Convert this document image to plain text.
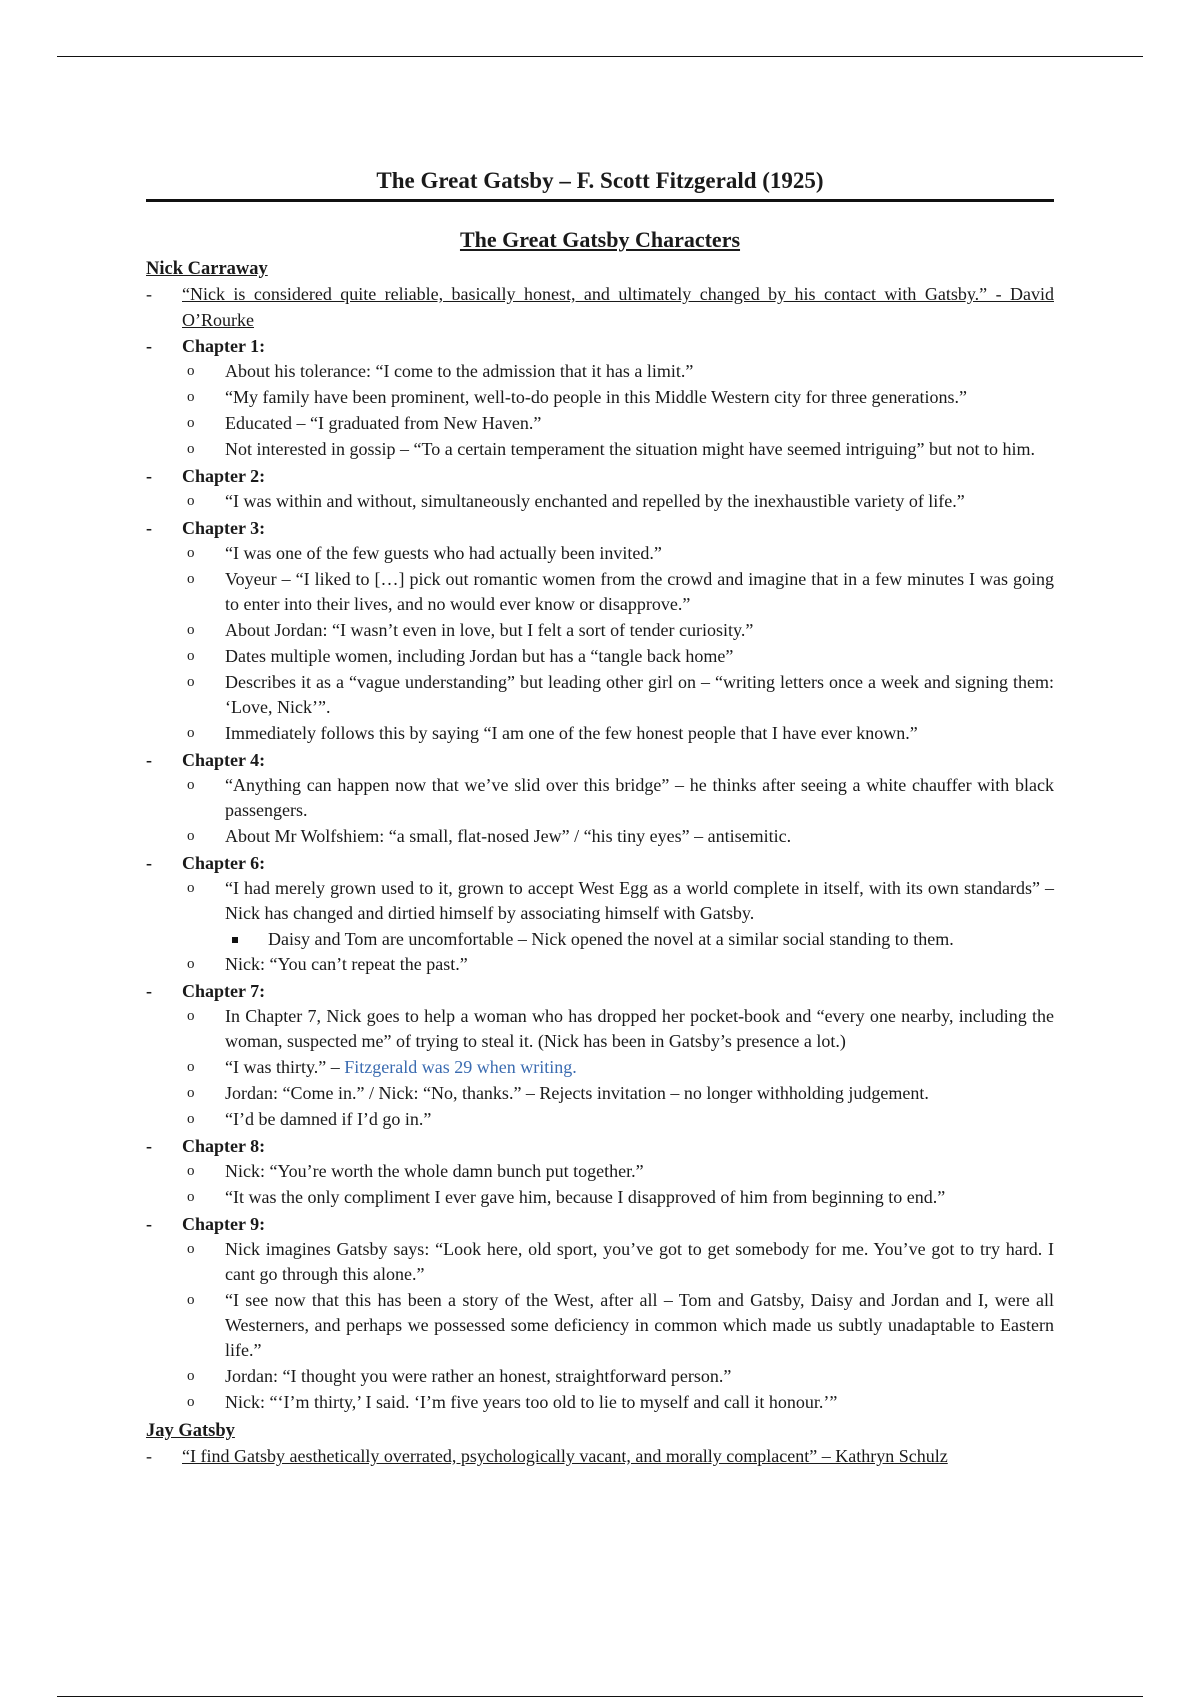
The Great Gatsby – F. Scott Fitzgerald (1925)
The Great Gatsby Characters
Nick Carraway
-	“Nick is considered quite reliable, basically honest, and ultimately changed by his contact with Gatsby.” - David O’Rourke
- Chapter 1:
o About his tolerance: “I come to the admission that it has a limit.”
o “My family have been prominent, well-to-do people in this Middle Western city for three generations.”
o Educated – “I graduated from New Haven.”
o Not interested in gossip – “To a certain temperament the situation might have seemed intriguing” but not to him.
- Chapter 2:
o “I was within and without, simultaneously enchanted and repelled by the inexhaustible variety of life.”
- Chapter 3:
o “I was one of the few guests who had actually been invited.”
o Voyeur – “I liked to […] pick out romantic women from the crowd and imagine that in a few minutes I was going to enter into their lives, and no would ever know or disapprove.”
o About Jordan: “I wasn’t even in love, but I felt a sort of tender curiosity.”
o Dates multiple women, including Jordan but has a “tangle back home”
o Describes it as a “vague understanding” but leading other girl on – “writing letters once a week and signing them: ‘Love, Nick’”.
o Immediately follows this by saying “I am one of the few honest people that I have ever known.”
- Chapter 4:
o “Anything can happen now that we’ve slid over this bridge” – he thinks after seeing a white chauffer with black passengers.
o About Mr Wolfshiem: “a small, flat-nosed Jew” / “his tiny eyes” – antisemitic.
- Chapter 6:
o “I had merely grown used to it, grown to accept West Egg as a world complete in itself, with its own standards” – Nick has changed and dirtied himself by associating himself with Gatsby.
Daisy and Tom are uncomfortable – Nick opened the novel at a similar social standing to them.
o Nick: “You can’t repeat the past.”
- Chapter 7:
o In Chapter 7, Nick goes to help a woman who has dropped her pocket-book and “every one nearby, including the woman, suspected me” of trying to steal it. (Nick has been in Gatsby’s presence a lot.)
o “I was thirty.” – Fitzgerald was 29 when writing.
o Jordan: “Come in.” / Nick: “No, thanks.” – Rejects invitation – no longer withholding judgement.
o “I’d be damned if I’d go in.”
- Chapter 8:
o Nick: “You’re worth the whole damn bunch put together.”
o “It was the only compliment I ever gave him, because I disapproved of him from beginning to end.”
- Chapter 9:
o Nick imagines Gatsby says: “Look here, old sport, you’ve got to get somebody for me. You’ve got to try hard. I cant go through this alone.”
o “I see now that this has been a story of the West, after all – Tom and Gatsby, Daisy and Jordan and I, were all Westerners, and perhaps we possessed some deficiency in common which made us subtly unadaptable to Eastern life.”
o Jordan: “I thought you were rather an honest, straightforward person.”
o Nick: “‘I’m thirty,’ I said. ‘I’m five years too old to lie to myself and call it honour.’”
Jay Gatsby
-	“I find Gatsby aesthetically overrated, psychologically vacant, and morally complacent” – Kathryn Schulz
